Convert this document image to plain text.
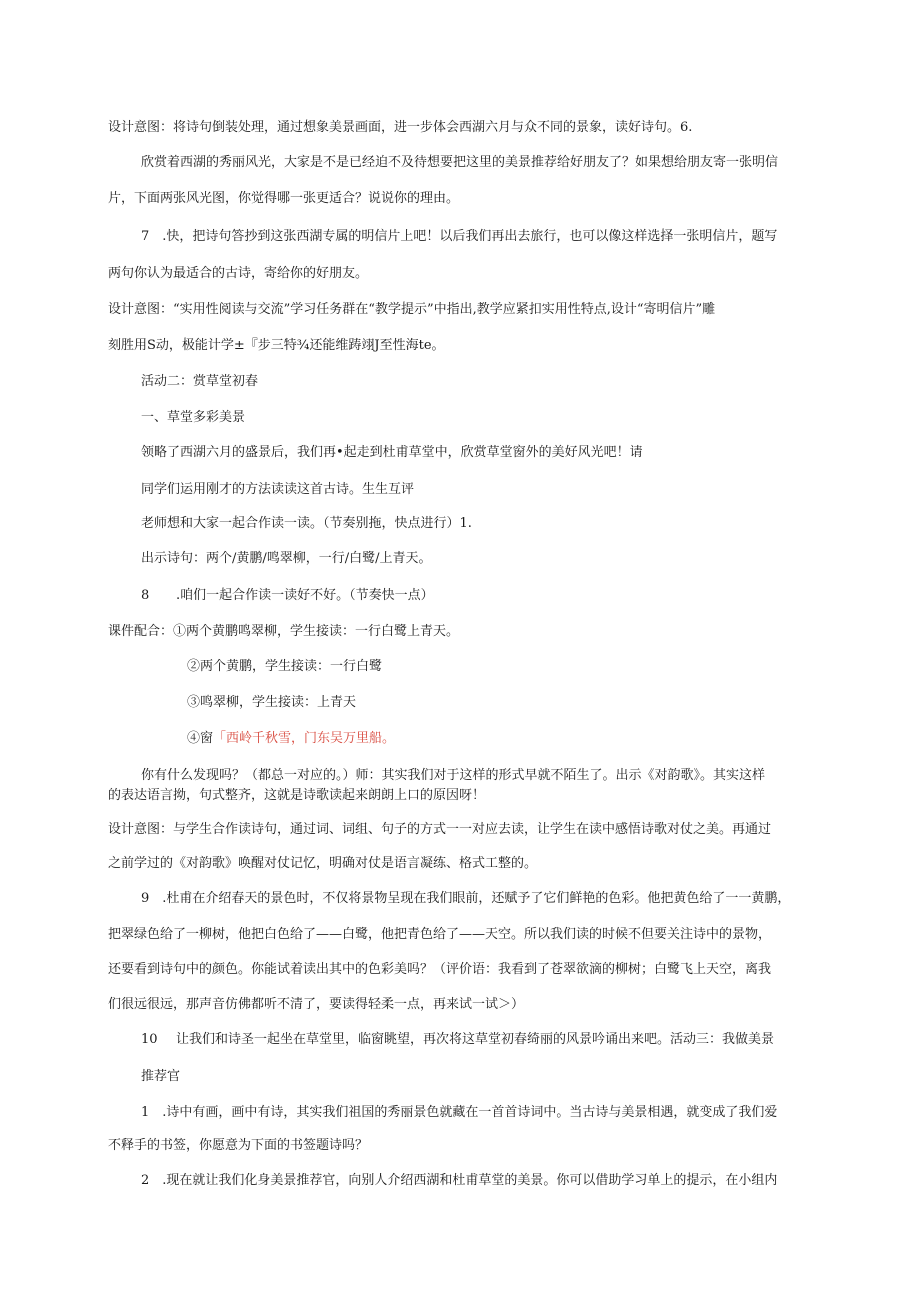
设计意图：将诗句倒装处理，通过想象美景画面，进一步体会西湖六月与众不同的景象，读好诗句。6.
欣赏着西湖的秀丽风光，大家是不是已经迫不及待想要把这里的美景推荐给好朋友了？如果想给朋友寄一张明信
片，下面两张风光图，你觉得哪一张更适合？说说你的理由。
7　.快，把诗句答抄到这张西湖专属的明信片上吧！以后我们再出去旅行，也可以像这样选择一张明信片，题写
两句你认为最适合的古诗，寄给你的好朋友。
设计意图：“实用性阅读与交流”学习任务群在“教学提示”中指出,教学应紧扣实用性特点,设计“寄明信片”雕
刻胜用S动，极能计学±『步三特¾还能维踌翊J至性海te。
活动二：赏草堂初春
一、草堂多彩美景
领略了西湖六月的盛景后，我们再•起走到杜甫草堂中，欣赏草堂窗外的美好风光吧！请
同学们运用刚才的方法读读这首古诗。生生互评
老师想和大家一起合作读一读。（节奏别拖，快点进行）1.
出示诗句：两个/黄鹏/鸣翠柳，一行/白鹭/上青天。
8 .咱们一起合作读一读好不好。（节奏快一点）
课件配合：①两个黄鹏鸣翠柳，学生接读：一行白鹭上青天。
②两个黄鹏，学生接读：一行白鹭
③鸣翠柳，学生接读：上青天
④窗「西岭千秋雪，门东吴万里船。
你有什么发现吗？（都总一对应的。）师：其实我们对于这样的形式早就不陌生了。出示《对韵歌》。其实这样
的表达语言拗，句式整齐，这就是诗歌读起来朗朗上口的原因呀！
设计意图：与学生合作读诗句，通过词、词组、句子的方式一一对应去读，让学生在读中感悟诗歌对仗之美。再通过
之前学过的《对韵歌》唤醒对仗记忆，明确对仗是语言凝练、格式工整的。
9　.杜甫在介绍春天的景色时，不仅将景物呈现在我们眼前，还赋予了它们鲜艳的色彩。他把黄色给了一一黄鹏，
把翠绿色给了一柳树，他把白色给了——白鹭，他把青色给了——天空。所以我们读的时候不但要关注诗中的景物，
还要看到诗句中的颜色。你能试着读出其中的色彩美吗？（评价语：我看到了苍翠欲滴的柳树；白鹭飞上天空，离我
们很远很远，那声音仿佛都听不清了，要读得轻柔一点，再来试一试＞）
10 让我们和诗圣一起坐在草堂里，临窗眺望，再次将这草堂初春绮丽的风景吟诵出来吧。活动三：我做美景
推荐官
1　.诗中有画，画中有诗，其实我们祖国的秀丽景色就藏在一首首诗词中。当古诗与美景相遇，就变成了我们爱
不释手的书签，你愿意为下面的书签题诗吗？
2　.现在就让我们化身美景推荐官，向别人介绍西湖和杜甫草堂的美景。你可以借助学习单上的提示，在小组内
